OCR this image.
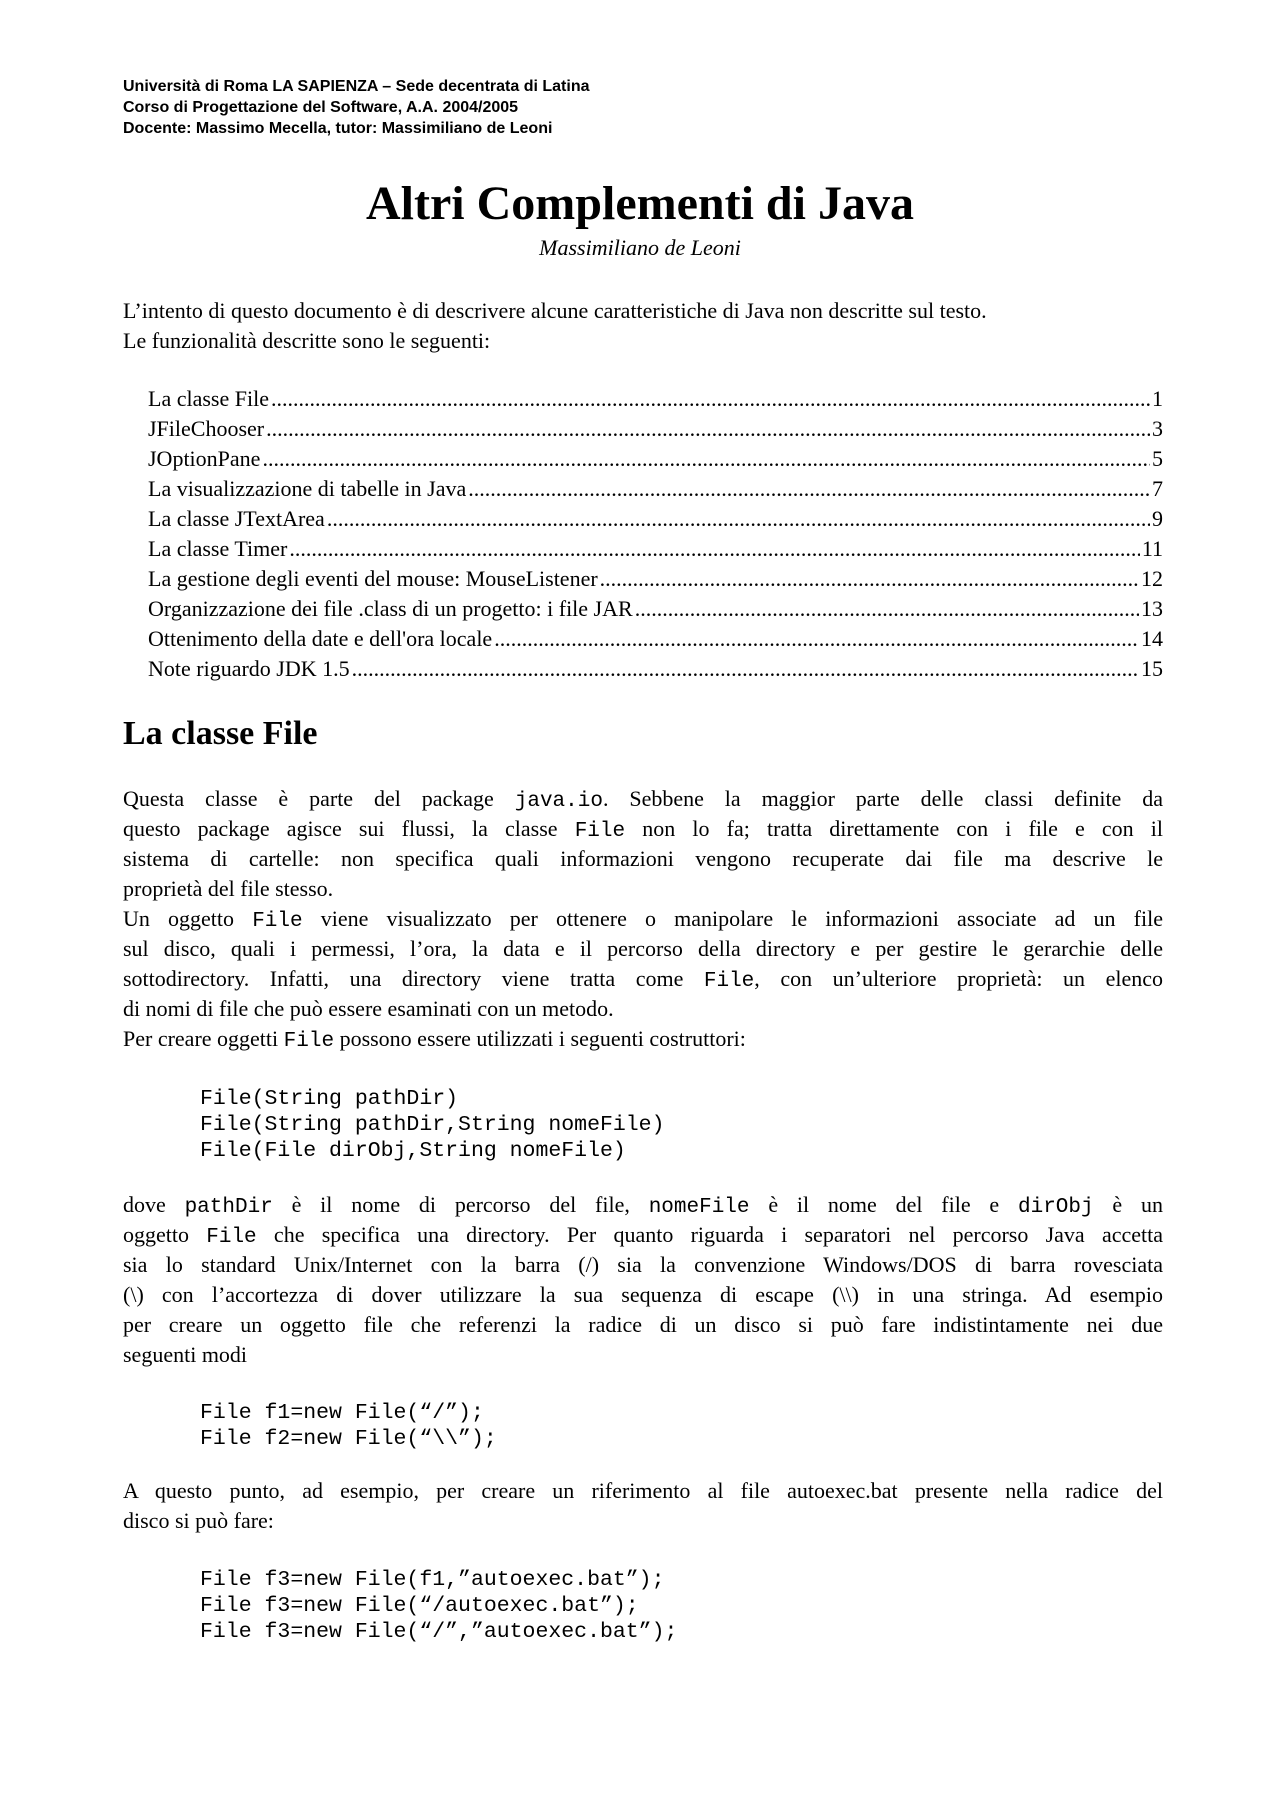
Università di Roma LA SAPIENZA – Sede decentrata di Latina
Corso di Progettazione del Software, A.A. 2004/2005
Docente: Massimo Mecella, tutor: Massimiliano de Leoni
Altri Complementi di Java
Massimiliano de Leoni
L’intento di questo documento è di descrivere alcune caratteristiche di Java non descritte sul testo.
Le funzionalità descritte sono le seguenti:
La classe File .....	1
JFileChooser .....	3
JOptionPane .....	5
La visualizzazione di tabelle in Java .....	7
La classe JTextArea .....	9
La classe Timer .....	11
La gestione degli eventi del mouse: MouseListener .....	12
Organizzazione dei file .class di un progetto: i file JAR .....	13
Ottenimento della date e dell'ora locale .....	14
Note riguardo JDK 1.5 .....	15
La classe File
Questa classe è parte del package java.io. Sebbene la maggior parte delle classi definite da
questo package agisce sui flussi, la classe File non lo fa; tratta direttamente con i file e con il
sistema di cartelle: non specifica quali informazioni vengono recuperate dai file ma descrive le
proprietà del file stesso.
Un oggetto File viene visualizzato per ottenere o manipolare le informazioni associate ad un file
sul disco, quali i permessi, l’ora, la data e il percorso della directory e per gestire le gerarchie delle
sottodirectory. Infatti, una directory viene tratta come File, con un’ulteriore proprietà: un elenco
di nomi di file che può essere esaminati con un metodo.
Per creare oggetti File possono essere utilizzati i seguenti costruttori:
File(String pathDir)
File(String pathDir,String nomeFile)
File(File dirObj,String nomeFile)
dove pathDir è il nome di percorso del file, nomeFile è il nome del file e dirObj è un
oggetto File che specifica una directory. Per quanto riguarda i separatori nel percorso Java accetta
sia lo standard Unix/Internet con la barra (/) sia la convenzione Windows/DOS di barra rovesciata
(\) con l’accortezza di dover utilizzare la sua sequenza di escape (\\) in una stringa. Ad esempio
per creare un oggetto file che referenzi la radice di un disco si può fare indistintamente nei due
seguenti modi
File f1=new File(“/”);
File f2=new File(“\\”);
A questo punto, ad esempio, per creare un riferimento al file autoexec.bat presente nella radice del
disco si può fare:
File f3=new File(f1,”autoexec.bat”);
File f3=new File(“/autoexec.bat”);
File f3=new File(“/”,”autoexec.bat”);
